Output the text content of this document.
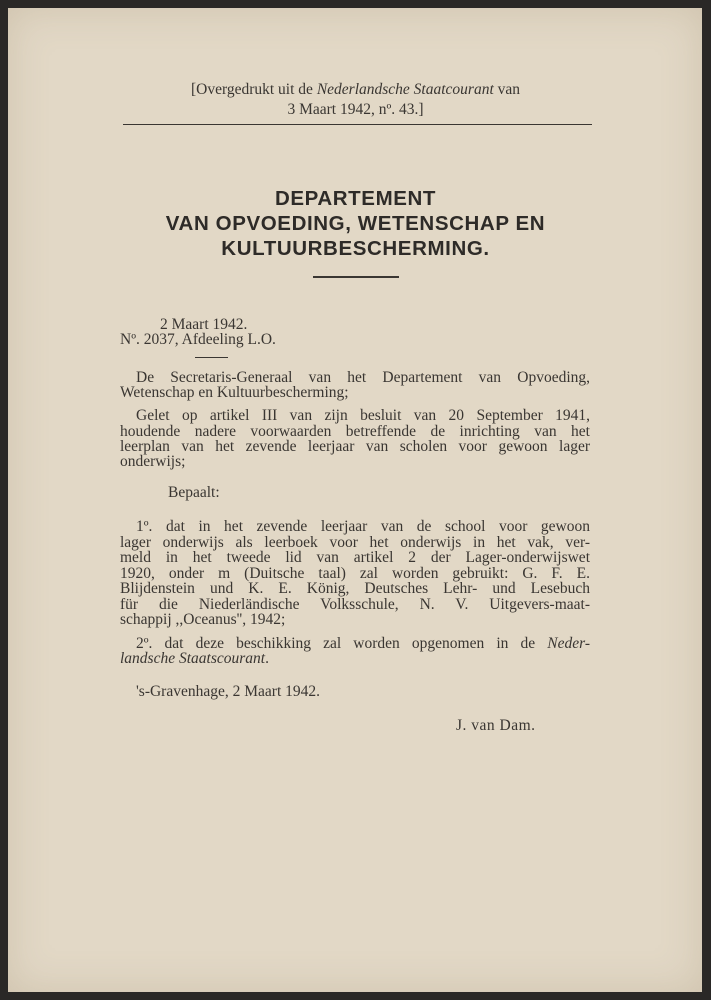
[Overgedrukt uit de Nederlandsche Staatcourant van
3 Maart 1942, nº. 43.]
DEPARTEMENT
VAN OPVOEDING, WETENSCHAP EN
KULTUURBESCHERMING.
2 Maart 1942.
Nº. 2037, Afdeeling L.O.
De Secretaris-Generaal van het Departement van Opvoeding,
Wetenschap en Kultuurbescherming;
Gelet op artikel III van zijn besluit van 20 September 1941,
houdende nadere voorwaarden betreffende de inrichting van het
leerplan van het zevende leerjaar van scholen voor gewoon lager
onderwijs;
Bepaalt:
1º. dat in het zevende leerjaar van de school voor gewoon
lager onderwijs als leerboek voor het onderwijs in het vak, ver-
meld in het tweede lid van artikel 2 der Lager-onderwijswet
1920, onder m (Duitsche taal) zal worden gebruikt: G. F. E.
Blijdenstein und K. E. König, Deutsches Lehr- und Lesebuch
für die Niederländische Volksschule, N. V. Uitgevers-maat-
schappij ,,Oceanus'', 1942;
2º. dat deze beschikking zal worden opgenomen in de Neder-
landsche Staatscourant.
's-Gravenhage, 2 Maart 1942.
J. van Dam.
